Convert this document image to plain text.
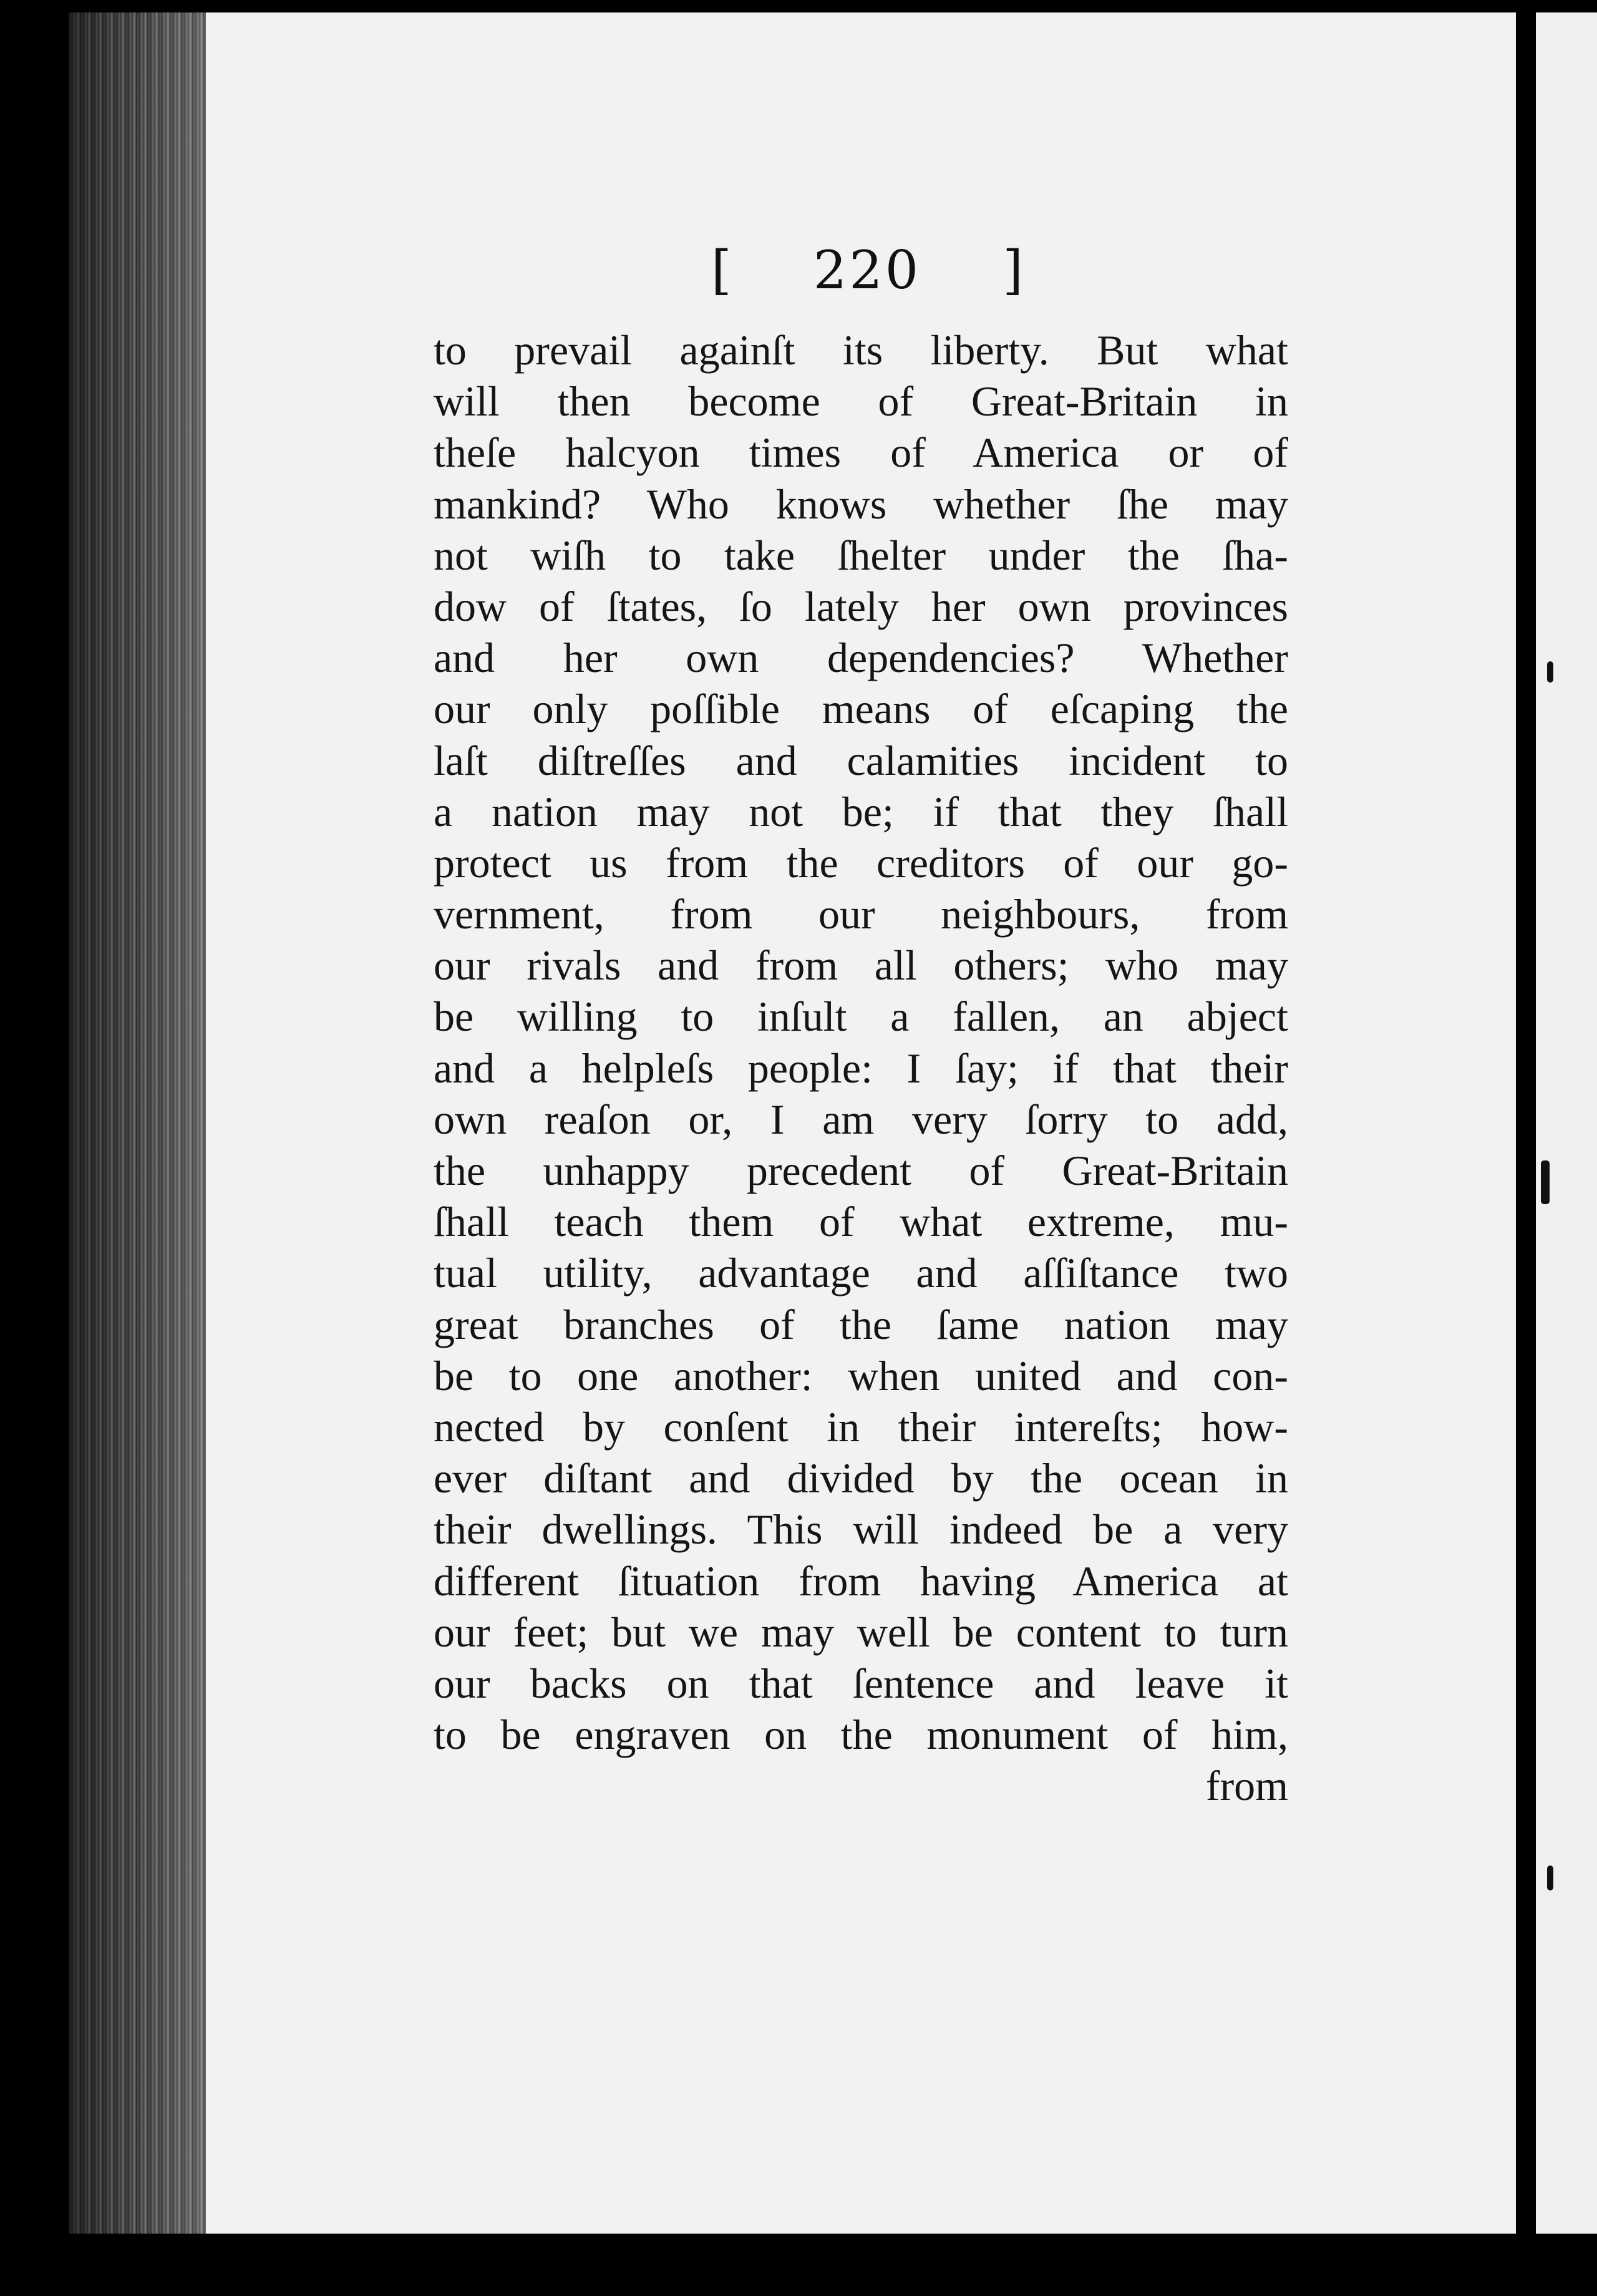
[ 220 ]
to prevail againſt its liberty. But what
will then become of Great-Britain in
theſe halcyon times of America or of
mankind? Who knows whether ſhe may
not wiſh to take ſhelter under the ſha-
dow of ſtates, ſo lately her own provinces
and her own dependencies? Whether
our only poſſible means of eſcaping the
laſt diſtreſſes and calamities incident to
a nation may not be; if that they ſhall
protect us from the creditors of our go-
vernment, from our neighbours, from
our rivals and from all others; who may
be willing to inſult a fallen, an abject
and a helpleſs people: I ſay; if that their
own reaſon or, I am very ſorry to add,
the unhappy precedent of Great-Britain
ſhall teach them of what extreme, mu-
tual utility, advantage and aſſiſtance two
great branches of the ſame nation may
be to one another: when united and con-
nected by conſent in their intereſts; how-
ever diſtant and divided by the ocean in
their dwellings. This will indeed be a very
different ſituation from having America at
our feet; but we may well be content to turn
our backs on that ſentence and leave it
to be engraven on the monument of him,
from
